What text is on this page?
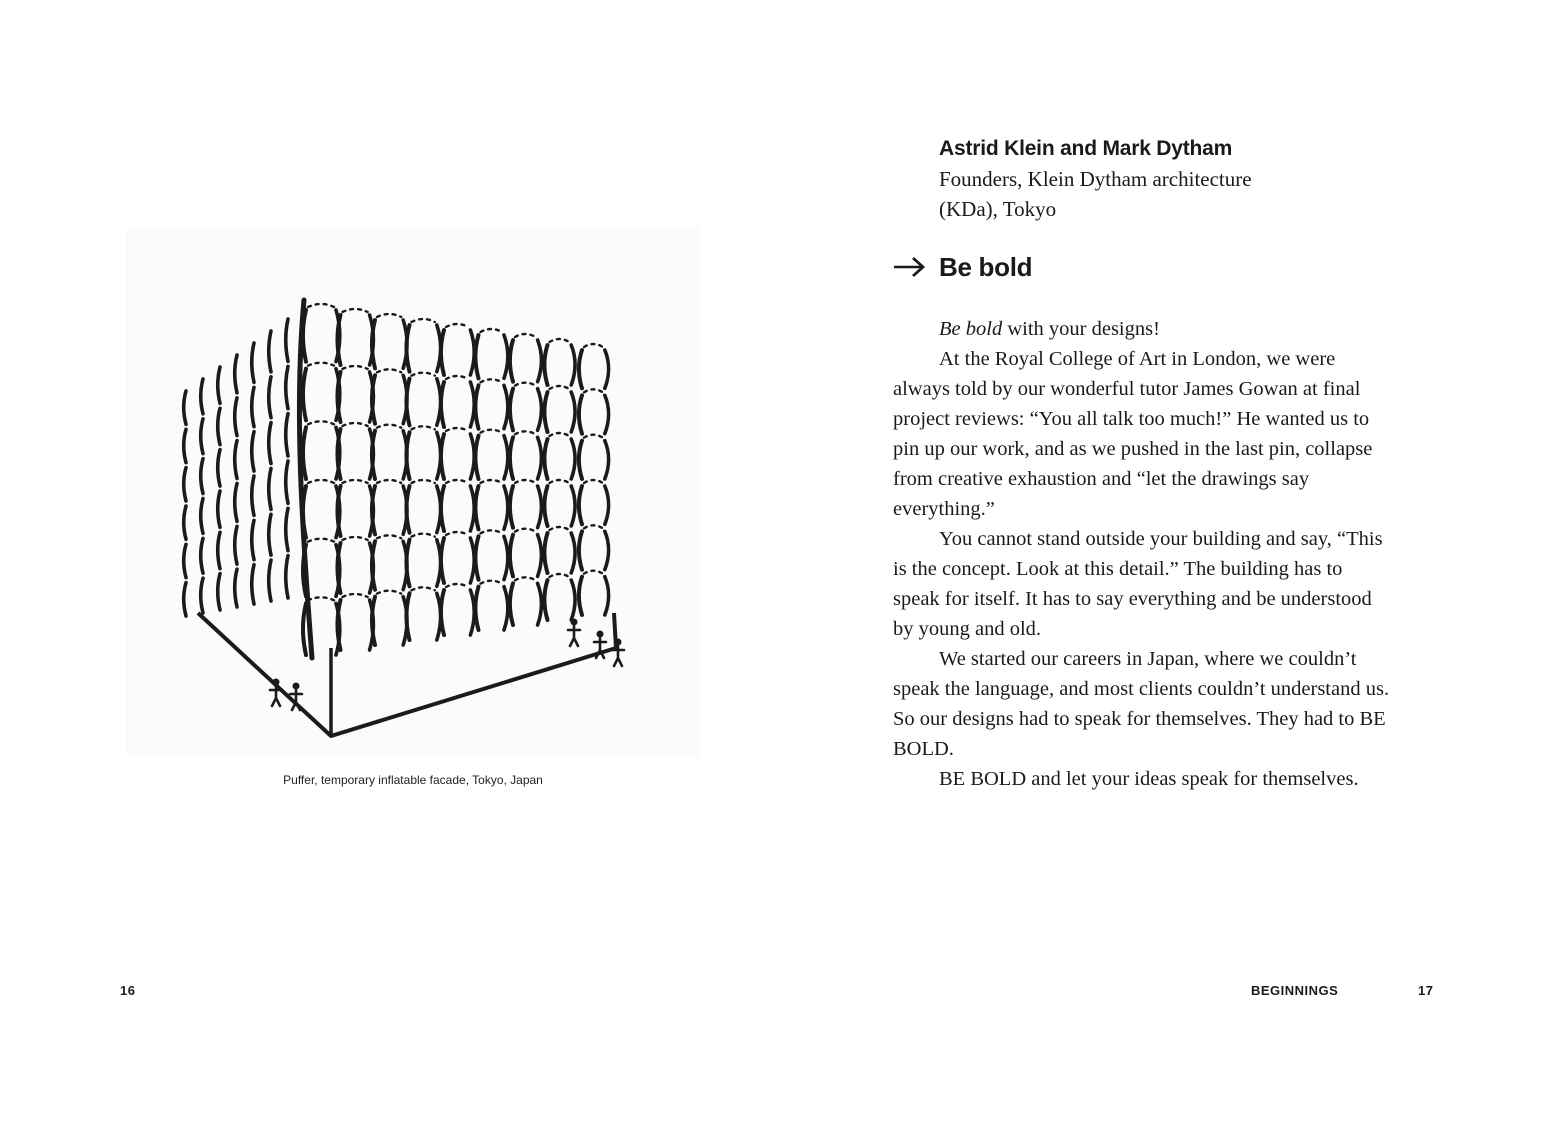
Puffer, temporary inflatable facade, Tokyo, Japan
16
Astrid Klein and Mark Dytham
Founders, Klein Dytham architecture
(KDa), Tokyo
Be bold

Be bold with your designs!

At the Royal College of Art in London, we were always told by our wonderful tutor James Gowan at final project reviews: “You all talk too much!” He wanted us to pin up our work, and as we pushed in the last pin, collapse from creative exhaustion and “let the drawings say everything.”

You cannot stand outside your building and say, “This is the concept. Look at this detail.” The building has to speak for itself. It has to say everything and be understood by young and old.

We started our careers in Japan, where we couldn’t speak the language, and most clients couldn’t understand us. So our designs had to speak for themselves. They had to BE BOLD.

BE BOLD and let your ideas speak for themselves.

BEGINNINGS	17
